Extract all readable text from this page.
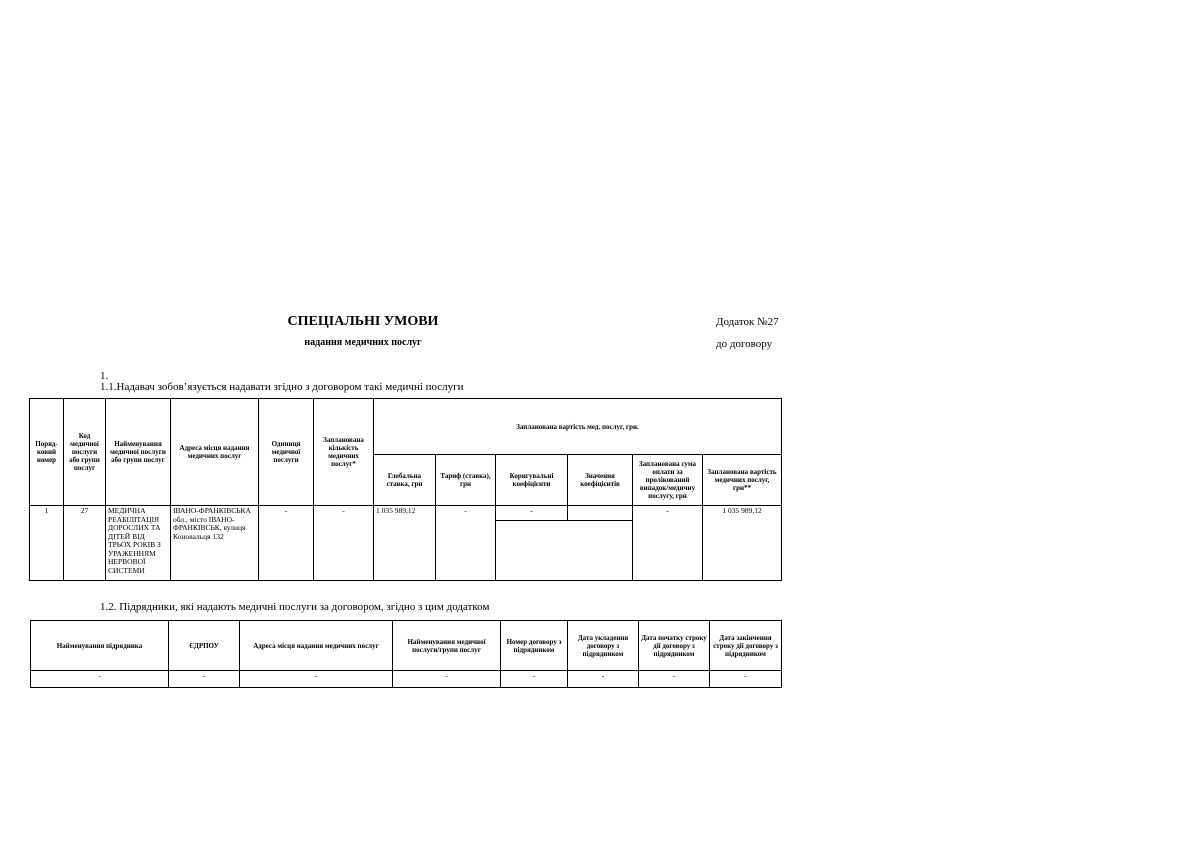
СПЕЦІАЛЬНІ УМОВИ
надання медичних послуг
Додаток №27
до договору
1.
1.1.Надавач зобов’язується надавати згідно з договором такі медичні послуги
Поряд-ковий номер	Код медичної послуги або групи послуг	Найменування медичної послуги або групи послуг	Адреса місця надання медичних послуг	Одиниця медичної послуги	Запланована кількість медичних послуг*	Запланована вартість мед. послуг, грн.					
						Глобальна ставка, грн	Тариф (ставка), грн	Коригувальні коефіцієнти	Значення коефіцієнтів	Запланована сума оплати за пролікований випадок/медичну послугу, грн	Запланована вартість медичних послуг, грн**
1	27	МЕДИЧНА РЕАБІЛІТАЦІЯ ДОРОСЛИХ ТА ДІТЕЙ ВІД ТРЬОХ РОКІВ З УРАЖЕННЯМ НЕРВОВОЇ СИСТЕМИ	ІВАНО-ФРАНКІВСЬКА обл., місто ІВАНО-ФРАНКІВСЬК, вулиця Коновальця 132	-	-	1 035 989,12	-	-		-	1 035 989,12

1.2. Підрядники, які надають медичні послуги за договором, згідно з цим додатком
Найменування підрядника	ЄДРПОУ	Адреса місця надання медичних послуг	Найменування медичної послуги/групи послуг	Номер договору з підрядником	Дата укладення договору з підрядником	Дата початку строку дії договору з підрядником	Дата закінчення строку дії договору з підрядником
-	-	-	-	-	-	-	-
